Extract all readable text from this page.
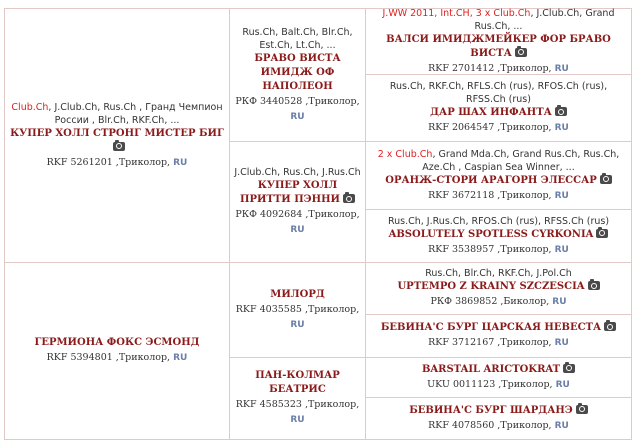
Club.Ch, J.Club.Ch, Rus.Ch , Гранд Чемпион России , Blr.Ch, RKF.Ch, ...
КУПЕР ХОЛЛ СТРОНГ МИСТЕР БИГ
RKF 5261201 ,Триколор, RU
ГЕРМИОНА ФОКС ЭСМОНД
RKF 5394801 ,Триколор, RU
Rus.Ch, Balt.Ch, Blr.Ch, Est.Ch, Lt.Ch, ...
БРАВО ВИСТА ИМИДЖ ОФ НАПОЛЕОН
РКФ 3440528 ,Триколор, RU
J.Club.Ch, Rus.Ch, J.Rus.Ch
КУПЕР ХОЛЛ ПРИТТИ ПЭННИ
РКФ 4092684 ,Триколор,
RU
МИЛОРД
RKF 4035585 ,Триколор,
RU
ПАН-КОЛМАР БЕАТРИС
RKF 4585323 ,Триколор,
RU
J.WW 2011, Int.CH, 3 x Club.Ch, J.Club.Ch, Grand Rus.Ch, ...
ВАЛСИ ИМИДЖМЕЙКЕР ФОР БРАВО ВИСТА
RKF 2701412 ,Триколор, RU
Rus.Ch, RKF.Ch, RFLS.Ch (rus), RFOS.Ch (rus), RFSS.Ch (rus)
ДАР ШАХ ИНФАНТА
RKF 2064547 ,Триколор, RU
2 x Club.Ch, Grand Mda.Ch, Grand Rus.Ch, Rus.Ch, Aze.Ch , Caspian Sea Winner, ...
ОРАНЖ-СТОРИ АРАГОРН ЭЛЕССАР
RKF 3672118 ,Триколор, RU
Rus.Ch, J.Rus.Ch, RFOS.Ch (rus), RFSS.Ch (rus)
ABSOLUTELY SPOTLESS CYRKONIA
RKF 3538957 ,Триколор, RU
Rus.Ch, Blr.Ch, RKF.Ch, J.Pol.Ch
UPTEMPO Z KRAINY SZCZESCIA
РКФ 3869852 ,Биколор, RU
БЕВИНА'С БУРГ ЦАРСКАЯ НЕВЕСТА
RKF 3712167 ,Триколор, RU
BARSTAIL ARICTOKRAT
UKU 0011123 ,Триколор, RU
БЕВИНА'С БУРГ ШАРДАНЭ
RKF 4078560 ,Триколор, RU
